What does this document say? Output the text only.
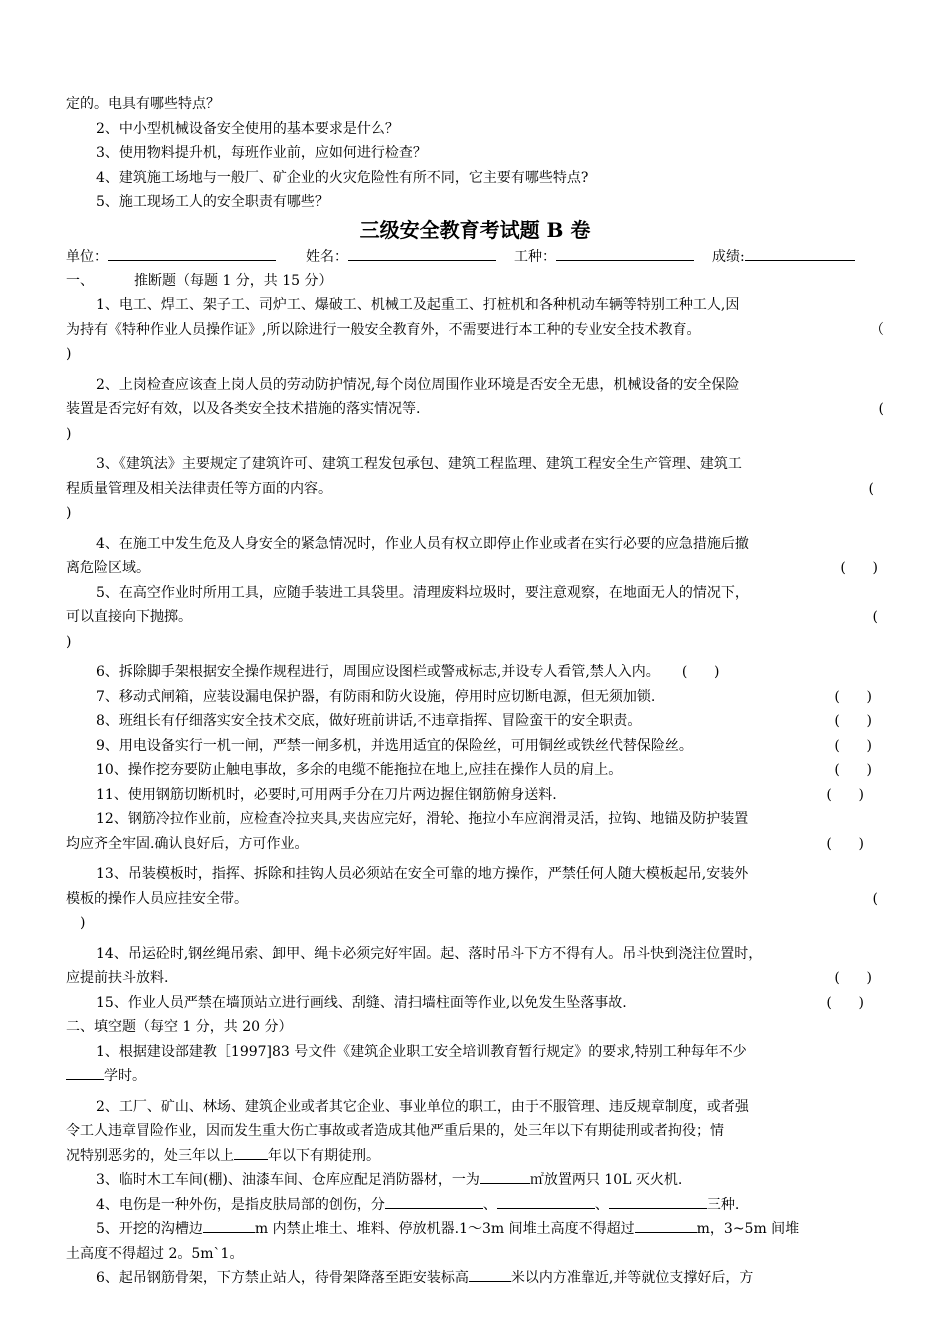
定的。电具有哪些特点？
2、中小型机械设备安全使用的基本要求是什么？
3、使用物料提升机，每班作业前，应如何进行检查？
4、建筑施工场地与一般厂、矿企业的火灾危险性有所不同，它主要有哪些特点?
5、施工现场工人的安全职责有哪些？
三级安全教育考试题 B 卷
单位：	姓名：	工种：	成绩:
一、	推断题（每题 1 分，共 15 分）
1、电工、焊工、架子工、司炉工、爆破工、机械工及起重工、打桩机和各种机动车辆等特别工种工人,因
为持有《特种作业人员操作证》,所以除进行一般安全教育外，不需要进行本工种的专业安全技术教育。	（
)
2、上岗检查应该查上岗人员的劳动防护情况,每个岗位周围作业环境是否安全无患，机械设备的安全保险
装置是否完好有效，以及各类安全技术措施的落实情况等.	(
)
3、《建筑法》主要规定了建筑许可、建筑工程发包承包、建筑工程监理、建筑工程安全生产管理、建筑工
程质量管理及相关法律责任等方面的内容。	(
)
4、在施工中发生危及人身安全的紧急情况时，作业人员有权立即停止作业或者在实行必要的应急措施后撤
离危险区域。	(      )
5、在高空作业时所用工具，应随手装进工具袋里。清理废料垃圾时，要注意观察，在地面无人的情况下，
可以直接向下抛掷。	(
)
6、拆除脚手架根据安全操作规程进行，周围应设图栏或警戒标志,并设专人看管,禁人入内。 (      )
7、移动式闸箱，应装设漏电保护器，有防雨和防火设施，停用时应切断电源，但无须加锁.	(      )
8、班组长有仔细落实安全技术交底，做好班前讲话,不违章指挥、冒险蛮干的安全职责。	(      )
9、用电设备实行一机一闸，严禁一闸多机，并选用适宜的保险丝，可用铜丝或铁丝代替保险丝。	(      )
10、操作挖夯要防止触电事故，多余的电缆不能拖拉在地上,应挂在操作人员的肩上。	(      )
11、使用钢筋切断机时，必要时,可用两手分在刀片两边握住钢筋俯身送料.	(      )
12、钢筋冷拉作业前，应检查冷拉夹具,夹齿应完好，滑轮、拖拉小车应润滑灵活，拉钩、地锚及防护装置
均应齐全牢固.确认良好后，方可作业。	(      )
13、吊装模板时，指挥、拆除和挂钩人员必须站在安全可靠的地方操作，严禁任何人随大模板起吊,安装外
模板的操作人员应挂安全带。	(
)
14、吊运砼时,钢丝绳吊索、卸甲、绳卡必须完好牢固。起、落时吊斗下方不得有人。吊斗快到浇注位置时，
应提前扶斗放料.	(      )
15、作业人员严禁在墙顶站立进行画线、刮缝、清扫墙柱面等作业,以免发生坠落事故.	(      )
二、填空题（每空 1 分，共 20 分）
1、根据建设部建教［1997]83 号文件《建筑企业职工安全培训教育暂行规定》的要求,特别工种每年不少
学时。
2、工厂、矿山、林场、建筑企业或者其它企业、事业单位的职工，由于不服管理、违反规章制度，或者强
令工人违章冒险作业，因而发生重大伤亡事故或者造成其他严重后果的，处三年以下有期徒刑或者拘役；情
况特别恶劣的，处三年以上 年以下有期徒刑。
3、临时木工车间(棚)、油漆车间、仓库应配足消防器材，一为	㎡放置两只 10L 灭火机.
4、电伤是一种外伤，是指皮肤局部的创伤，分	、	、	三种.
5、开挖的沟槽边	m 内禁止堆土、堆料、停放机器.1～3m 间堆土高度不得超过	m，3~5m 间堆
土高度不得超过 2。5m`1。
6、起吊钢筋骨架，下方禁止站人，待骨架降落至距安装标高	米以内方准靠近,并等就位支撑好后，方
